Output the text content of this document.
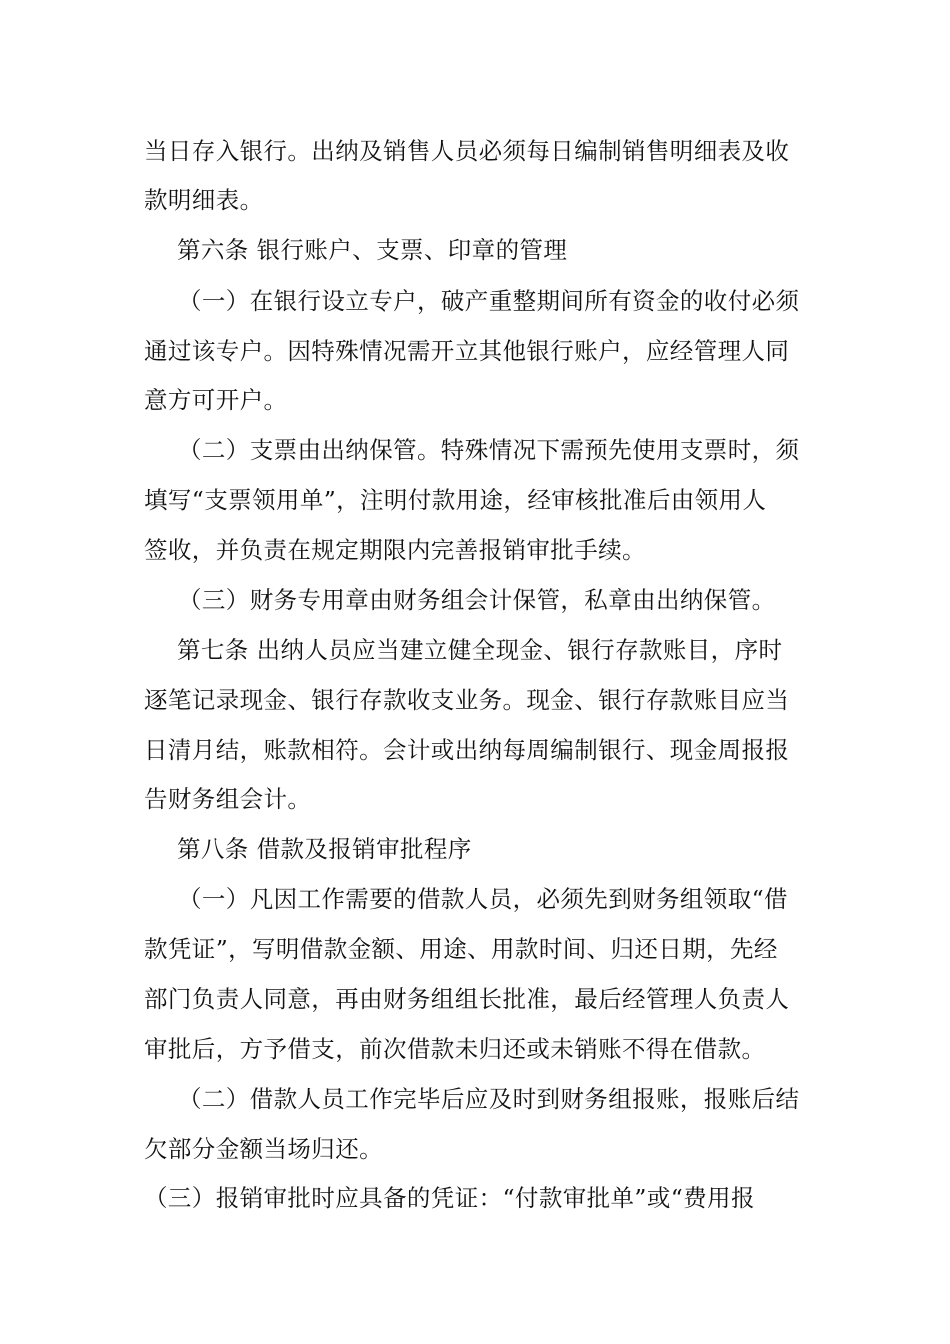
当日存入银行。出纳及销售人员必须每日编制销售明细表及收
款明细表。
第六条 银行账户、支票、印章的管理
（一）在银行设立专户，破产重整期间所有资金的收付必须
通过该专户。因特殊情况需开立其他银行账户，应经管理人同
意方可开户。
（二）支票由出纳保管。特殊情况下需预先使用支票时，须
填写“支票领用单”，注明付款用途，经审核批准后由领用人
签收，并负责在规定期限内完善报销审批手续。
（三）财务专用章由财务组会计保管，私章由出纳保管。
第七条 出纳人员应当建立健全现金、银行存款账目，序时
逐笔记录现金、银行存款收支业务。现金、银行存款账目应当
日清月结，账款相符。会计或出纳每周编制银行、现金周报报
告财务组会计。
第八条 借款及报销审批程序
（一）凡因工作需要的借款人员，必须先到财务组领取“借
款凭证”，写明借款金额、用途、用款时间、归还日期，先经
部门负责人同意，再由财务组组长批准，最后经管理人负责人
审批后，方予借支，前次借款未归还或未销账不得在借款。
（二）借款人员工作完毕后应及时到财务组报账，报账后结
欠部分金额当场归还。
（三）报销审批时应具备的凭证：“付款审批单”或“费用报
